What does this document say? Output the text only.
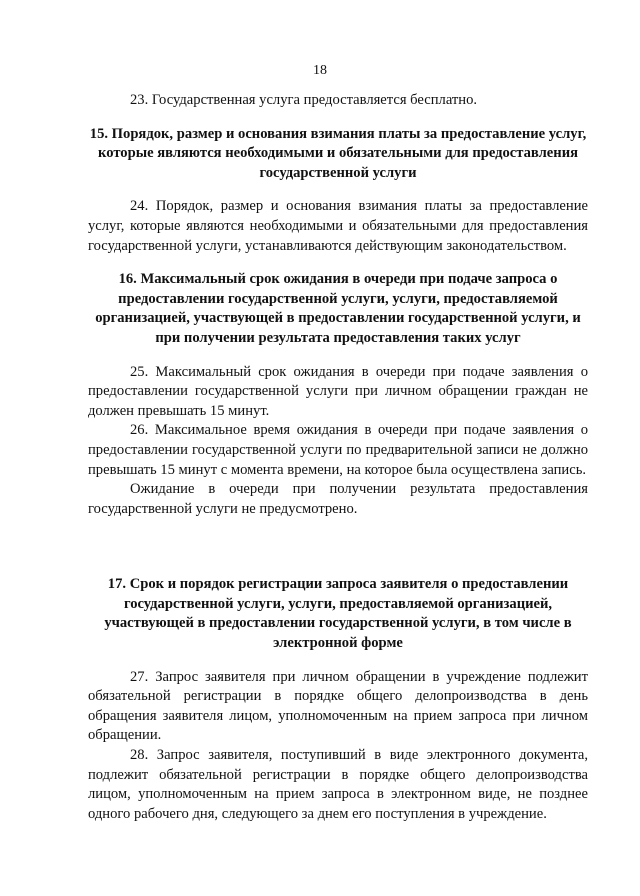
18

23. Государственная услуга предоставляется бесплатно.

15. Порядок, размер и основания взимания платы за предоставление услуг, которые являются необходимыми и обязательными для предоставления государственной услуги

24. Порядок, размер и основания взимания платы за предоставление услуг, которые являются необходимыми и обязательными для предоставления государственной услуги, устанавливаются действующим законодательством.

16. Максимальный срок ожидания в очереди при подаче запроса о предоставлении государственной услуги, услуги, предоставляемой организацией, участвующей в предоставлении государственной услуги, и при получении результата предоставления таких услуг

25. Максимальный срок ожидания в очереди при подаче заявления о предоставлении государственной услуги при личном обращении граждан не должен превышать 15 минут.

26. Максимальное время ожидания в очереди при подаче заявления о предоставлении государственной услуги по предварительной записи не должно превышать 15 минут с момента времени, на которое была осуществлена запись.

Ожидание в очереди при получении результата предоставления государственной услуги не предусмотрено.

17. Срок и порядок регистрации запроса заявителя о предоставлении государственной услуги, услуги, предоставляемой организацией, участвующей в предоставлении государственной услуги, в том числе в электронной форме

27. Запрос заявителя при личном обращении в учреждение подлежит обязательной регистрации в порядке общего делопроизводства в день обращения заявителя лицом, уполномоченным на прием запроса при личном обращении.

28. Запрос заявителя, поступивший в виде электронного документа, подлежит обязательной регистрации в порядке общего делопроизводства лицом, уполномоченным на прием запроса в электронном виде, не позднее одного рабочего дня, следующего за днем его поступления в учреждение.
